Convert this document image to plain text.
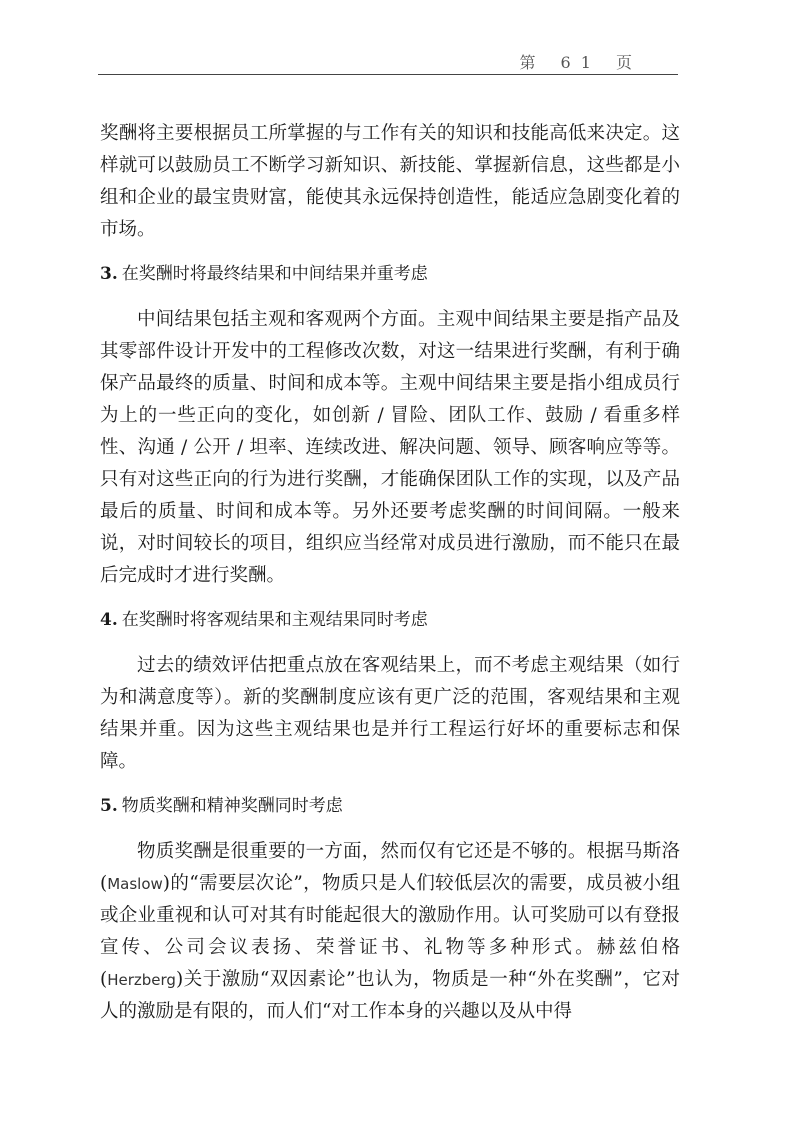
第 61 页

奖酬将主要根据员工所掌握的与工作有关的知识和技能高低来决定。这样就可以鼓励员工不断学习新知识、新技能、掌握新信息，这些都是小组和企业的最宝贵财富，能使其永远保持创造性，能适应急剧变化着的市场。

3. 在奖酬时将最终结果和中间结果并重考虑

中间结果包括主观和客观两个方面。主观中间结果主要是指产品及其零部件设计开发中的工程修改次数，对这一结果进行奖酬，有利于确保产品最终的质量、时间和成本等。主观中间结果主要是指小组成员行为上的一些正向的变化，如创新 / 冒险、团队工作、鼓励 / 看重多样性、沟通 / 公开 / 坦率、连续改进、解决问题、领导、顾客响应等等。只有对这些正向的行为进行奖酬，才能确保团队工作的实现，以及产品最后的质量、时间和成本等。另外还要考虑奖酬的时间间隔。一般来说，对时间较长的项目，组织应当经常对成员进行激励，而不能只在最后完成时才进行奖酬。

4. 在奖酬时将客观结果和主观结果同时考虑

过去的绩效评估把重点放在客观结果上，而不考虑主观结果（如行为和满意度等）。新的奖酬制度应该有更广泛的范围，客观结果和主观结果并重。因为这些主观结果也是并行工程运行好坏的重要标志和保障。

5. 物质奖酬和精神奖酬同时考虑

物质奖酬是很重要的一方面，然而仅有它还是不够的。根据马斯洛(Maslow)的“需要层次论”，物质只是人们较低层次的需要，成员被小组或企业重视和认可对其有时能起很大的激励作用。认可奖励可以有登报宣传、公司会议表扬、荣誉证书、礼物等多种形式。赫兹伯格(Herzberg)关于激励“双因素论”也认为，物质是一种“外在奖酬”，它对人的激励是有限的，而人们“对工作本身的兴趣以及从中得
